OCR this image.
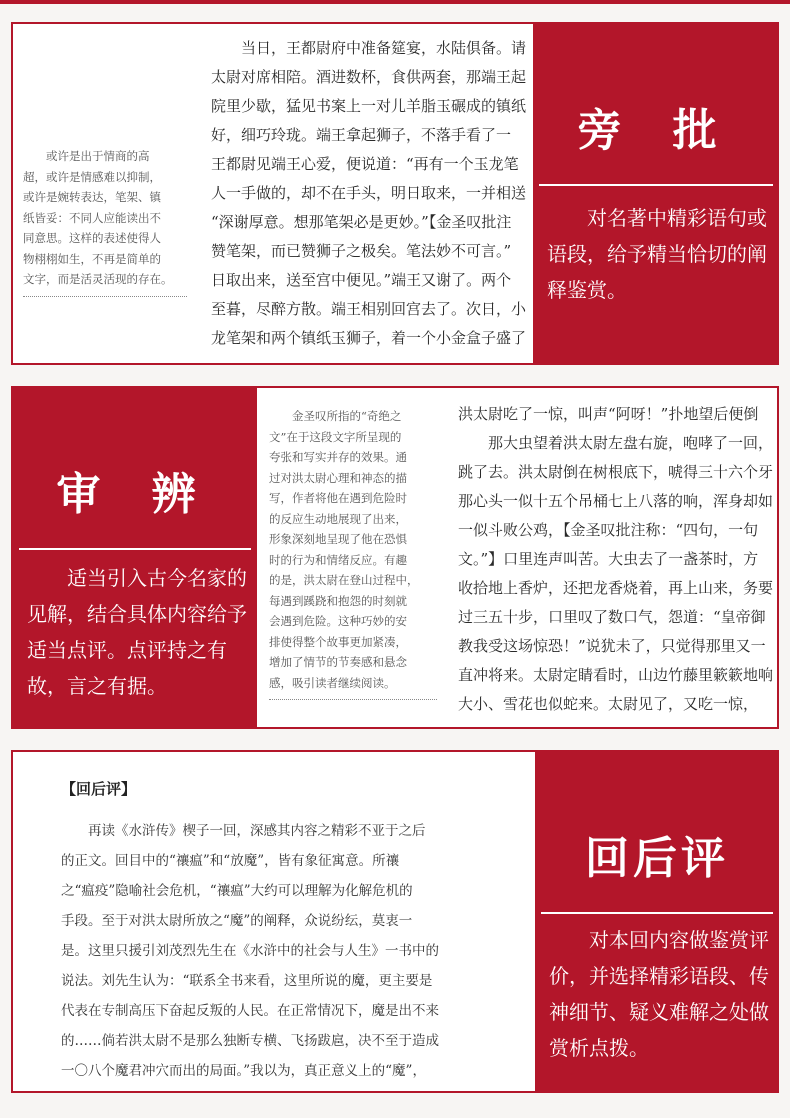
　　或许是出于情商的高
超，或许是情感难以抑制，
或许是婉转表达，笔架、镇
纸皆妥：不同人应能读出不
同意思。这样的表述使得人
物栩栩如生，不再是简单的
文字，而是活灵活现的存在。
　　当日，王都尉府中准备筵宴，水陆俱备。请
太尉对席相陪。酒进数杯，食供两套，那端王起
院里少歇，猛见书案上一对儿羊脂玉碾成的镇纸
好，细巧玲珑。端王拿起狮子，不落手看了一
王都尉见端王心爱，便说道：“再有一个玉龙笔
人一手做的，却不在手头，明日取来，一并相送
“深谢厚意。想那笔架必是更妙。”【金圣叹批注
赞笔架，而已赞狮子之极矣。笔法妙不可言。”
日取出来，送至宫中便见。”端王又谢了。两个
至暮，尽醉方散。端王相别回宫去了。次日，小
龙笔架和两个镇纸玉狮子，着一个小金盒子盛了
旁 批

对名著中精彩语句或语段，给予精当恰切的阐释鉴赏。

审 辨

适当引入古今名家的见解，结合具体内容给予适当点评。点评持之有故，言之有据。

　　金圣叹所指的“奇绝之
文”在于这段文字所呈现的
夸张和写实并存的效果。通
过对洪太尉心理和神态的描
写，作者将他在遇到危险时
的反应生动地展现了出来，
形象深刻地呈现了他在恐惧
时的行为和情绪反应。有趣
的是，洪太尉在登山过程中，
每遇到蹊跷和抱怨的时刻就
会遇到危险。这种巧妙的安
排使得整个故事更加紧凑，
增加了情节的节奏感和悬念
感，吸引读者继续阅读。
洪太尉吃了一惊，叫声“阿呀！”扑地望后便倒
　　那大虫望着洪太尉左盘右旋，咆哮了一回，
跳了去。洪太尉倒在树根底下，唬得三十六个牙
那心头一似十五个吊桶七上八落的响，浑身却如
一似斗败公鸡，【金圣叹批注称：“四句，一句
文。”】口里连声叫苦。大虫去了一盏茶时，方
收拾地上香炉，还把龙香烧着，再上山来，务要
过三五十步，口里叹了数口气，怨道：“皇帝御
教我受这场惊恐！”说犹未了，只觉得那里又一
直冲将来。太尉定睛看时，山边竹藤里簌簌地响
大小、雪花也似蛇来。太尉见了，又吃一惊，
【回后评】
　　再读《水浒传》楔子一回，深感其内容之精彩不亚于之后
的正文。回目中的“禳瘟”和“放魔”，皆有象征寓意。所禳
之“瘟疫”隐喻社会危机，“禳瘟”大约可以理解为化解危机的
手段。至于对洪太尉所放之“魔”的阐释，众说纷纭，莫衷一
是。这里只援引刘茂烈先生在《水浒中的社会与人生》一书中的
说法。刘先生认为：“联系全书来看，这里所说的魔，更主要是
代表在专制高压下奋起反叛的人民。在正常情况下，魔是出不来
的……倘若洪太尉不是那么独断专横、飞扬跋扈，决不至于造成
一〇八个魔君冲穴而出的局面。”我以为，真正意义上的“魔”，
回后评

对本回内容做鉴赏评价，并选择精彩语段、传神细节、疑义难解之处做赏析点拨。
